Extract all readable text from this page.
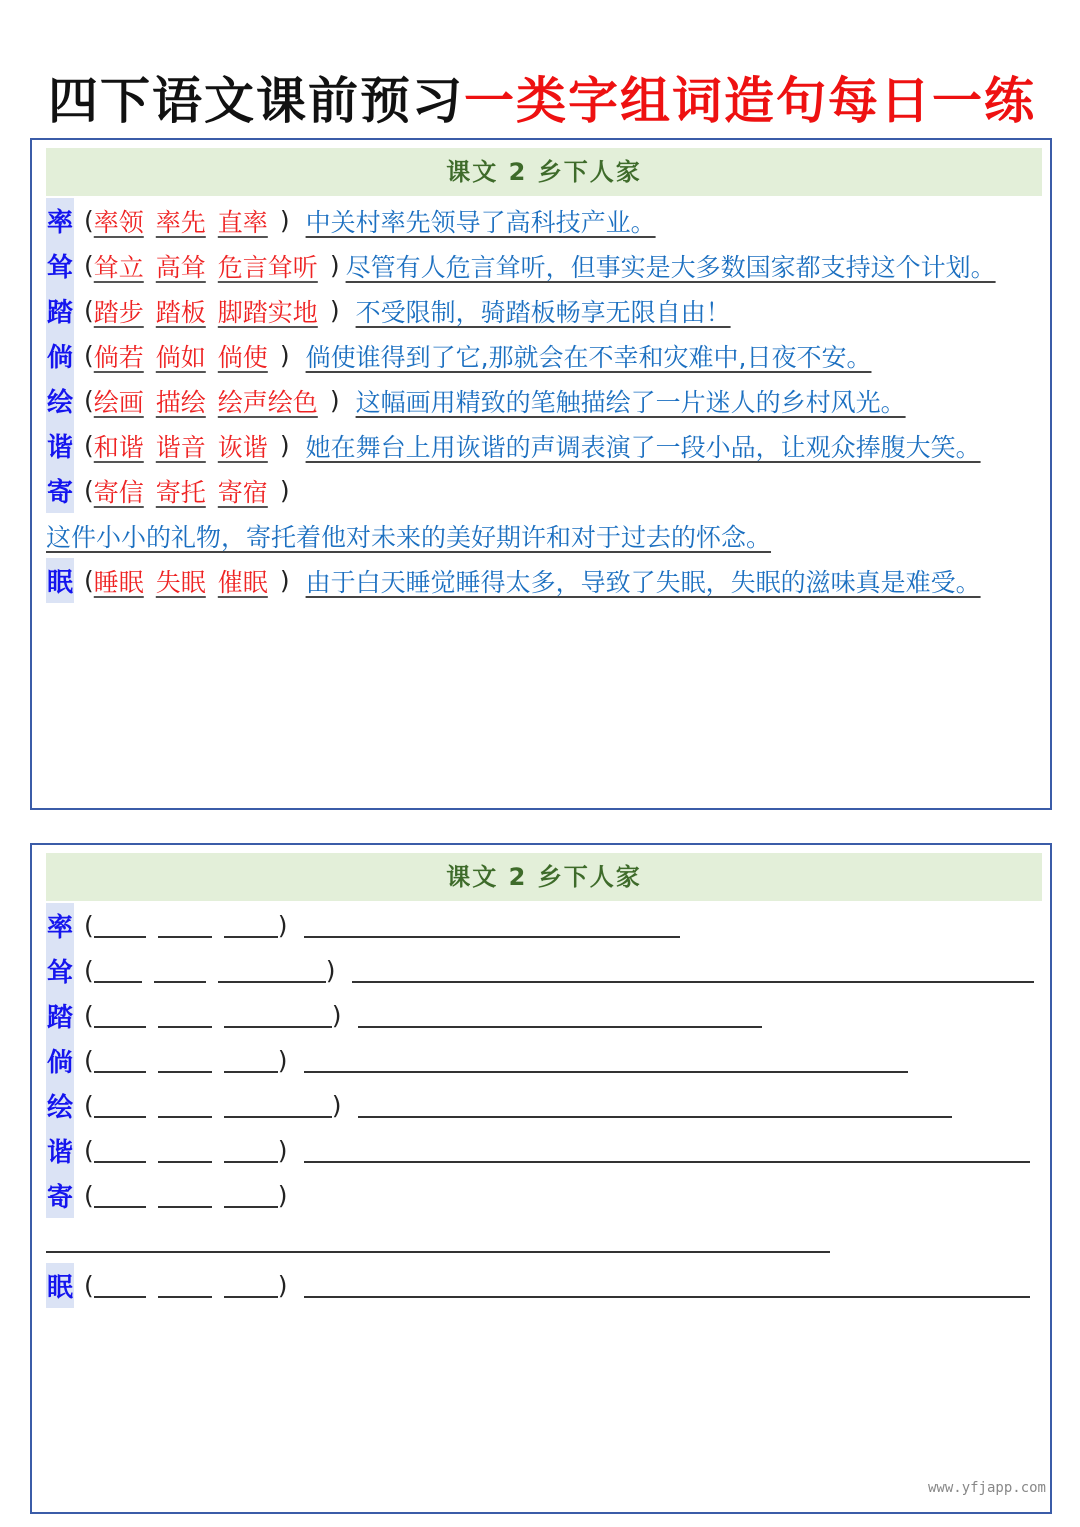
四下语文课前预习一类字组词造句每日一练
课文 2 乡下人家
率 ( 率领 率先 直率 ) 中关村率先领导了高科技产业。
耸 ( 耸立 高耸 危言耸听 ) 尽管有人危言耸听，但事实是大多数国家都支持这个计划。
踏 ( 踏步 踏板 脚踏实地 ) 不受限制，骑踏板畅享无限自由！
倘 ( 倘若 倘如 倘使 ) 倘使谁得到了它,那就会在不幸和灾难中,日夜不安。
绘 ( 绘画 描绘 绘声绘色 ) 这幅画用精致的笔触描绘了一片迷人的乡村风光。
谐 ( 和谐 谐音 诙谐 ) 她在舞台上用诙谐的声调表演了一段小品，让观众捧腹大笑。
寄 ( 寄信 寄托 寄宿 )
这件小小的礼物，寄托着他对未来的美好期许和对于过去的怀念。
眠 ( 睡眠 失眠 催眠 ) 由于白天睡觉睡得太多，导致了失眠，失眠的滋味真是难受。
课文 2 乡下人家
率 (	)
耸 (	)
踏 (	)
倘 (	)
绘 (	)
谐 (	)
寄 (	)
眠 (	)
www.yfjapp.com
